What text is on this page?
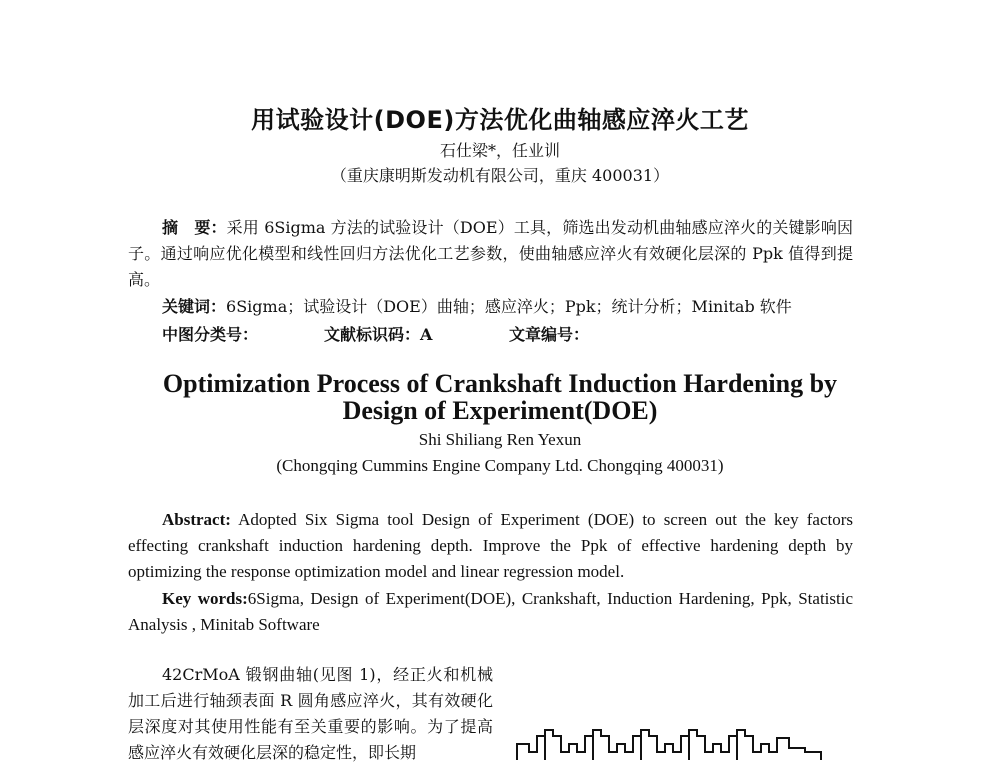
用试验设计(DOE)方法优化曲轴感应淬火工艺
石仕梁*，任业训
（重庆康明斯发动机有限公司，重庆 400031）
摘　要：采用 6Sigma 方法的试验设计（DOE）工具，筛选出发动机曲轴感应淬火的关键影响因子。通过响应优化模型和线性回归方法优化工艺参数，使曲轴感应淬火有效硬化层深的 Ppk 值得到提高。
关键词：6Sigma；试验设计（DOE）曲轴；感应淬火；Ppk；统计分析；Minitab 软件
中图分类号：	文献标识码：A	文章编号：
Optimization Process of Crankshaft Induction Hardening by
Design of Experiment(DOE)
Shi Shiliang Ren Yexun
(Chongqing Cummins Engine Company Ltd. Chongqing 400031)
Abstract: Adopted Six Sigma tool Design of Experiment (DOE) to screen out the key factors effecting crankshaft induction hardening depth. Improve the Ppk of effective hardening depth by optimizing the response optimization model and linear regression model.
Key words:6Sigma, Design of Experiment(DOE), Crankshaft, Induction Hardening, Ppk, Statistic Analysis , Minitab Software

42CrMoA 锻钢曲轴(见图 1)，经正火和机械加工后进行轴颈表面 R 圆角感应淬火，其有效硬化层深度对其使用性能有至关重要的影响。为了提高感应淬火有效硬化层深的稳定性，即长期
